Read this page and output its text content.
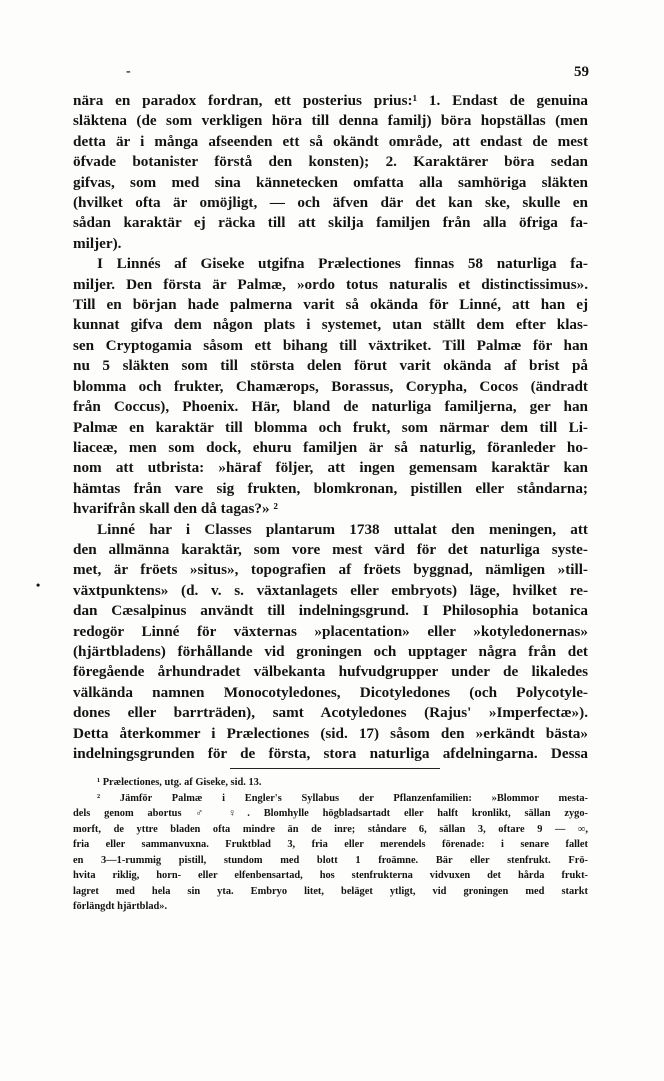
-	59
•
nära en paradox fordran, ett posterius prius:¹ 1. Endast de genuina
släktena (de som verkligen höra till denna familj) böra hopställas (men
detta är i många afseenden ett så okändt område, att endast de mest
öfvade botanister förstå den konsten); 2. Karaktärer böra sedan
gifvas, som med sina kännetecken omfatta alla samhöriga släkten
(hvilket ofta är omöjligt, — och äfven där det kan ske, skulle en
sådan karaktär ej räcka till att skilja familjen från alla öfriga fa-
miljer).
I Linnés af Giseke utgifna Prælectiones finnas 58 naturliga fa-
miljer. Den första är Palmæ, »ordo totus naturalis et distinctissimus».
Till en början hade palmerna varit så okända för Linné, att han ej
kunnat gifva dem någon plats i systemet, utan ställt dem efter klas-
sen Cryptogamia såsom ett bihang till växtriket. Till Palmæ för han
nu 5 släkten som till största delen förut varit okända af brist på
blomma och frukter, Chamærops, Borassus, Corypha, Cocos (ändradt
från Coccus), Phoenix. Här, bland de naturliga familjerna, ger han
Palmæ en karaktär till blomma och frukt, som närmar dem till Li-
liaceæ, men som dock, ehuru familjen är så naturlig, föranleder ho-
nom att utbrista: »häraf följer, att ingen gemensam karaktär kan
hämtas från vare sig frukten, blomkronan, pistillen eller ståndarna;
hvarifrån skall den då tagas?» ²
Linné har i Classes plantarum 1738 uttalat den meningen, att
den allmänna karaktär, som vore mest värd för det naturliga syste-
met, är fröets »situs», topografien af fröets byggnad, nämligen »till-
växtpunktens» (d. v. s. växtanlagets eller embryots) läge, hvilket re-
dan Cæsalpinus användt till indelningsgrund. I Philosophia botanica
redogör Linné för växternas »placentation» eller »kotyledonernas»
(hjärtbladens) förhållande vid groningen och upptager några från det
föregående århundradet välbekanta hufvudgrupper under de likaledes
välkända namnen Monocotyledones, Dicotyledones (och Polycotyle-
dones eller barrträden), samt Acotyledones (Rajus' »Imperfectæ»).
Detta återkommer i Prælectiones (sid. 17) såsom den »erkändt bästa»
indelningsgrunden för de första, stora naturliga afdelningarna. Dessa
¹ Prælectiones, utg. af Giseke, sid. 13.
² Jämför Palmæ i Engler's Syllabus der Pflanzenfamilien: »Blommor mesta-
dels genom abortus ♂ ♀. Blomhylle högbladsartadt eller halft kronlikt, sällan zygo-
morft, de yttre bladen ofta mindre än de inre; ståndare 6, sällan 3, oftare 9 — ∞,
fria eller sammanvuxna. Fruktblad 3, fria eller merendels förenade: i senare fallet
en 3—1-rummig pistill, stundom med blott 1 froämne. Bär eller stenfrukt. Frö-
hvita riklig, horn- eller elfenbensartad, hos stenfrukterna vidvuxen det hårda frukt-
lagret med hela sin yta. Embryo litet, beläget ytligt, vid groningen med starkt
förlängdt hjärtblad».
